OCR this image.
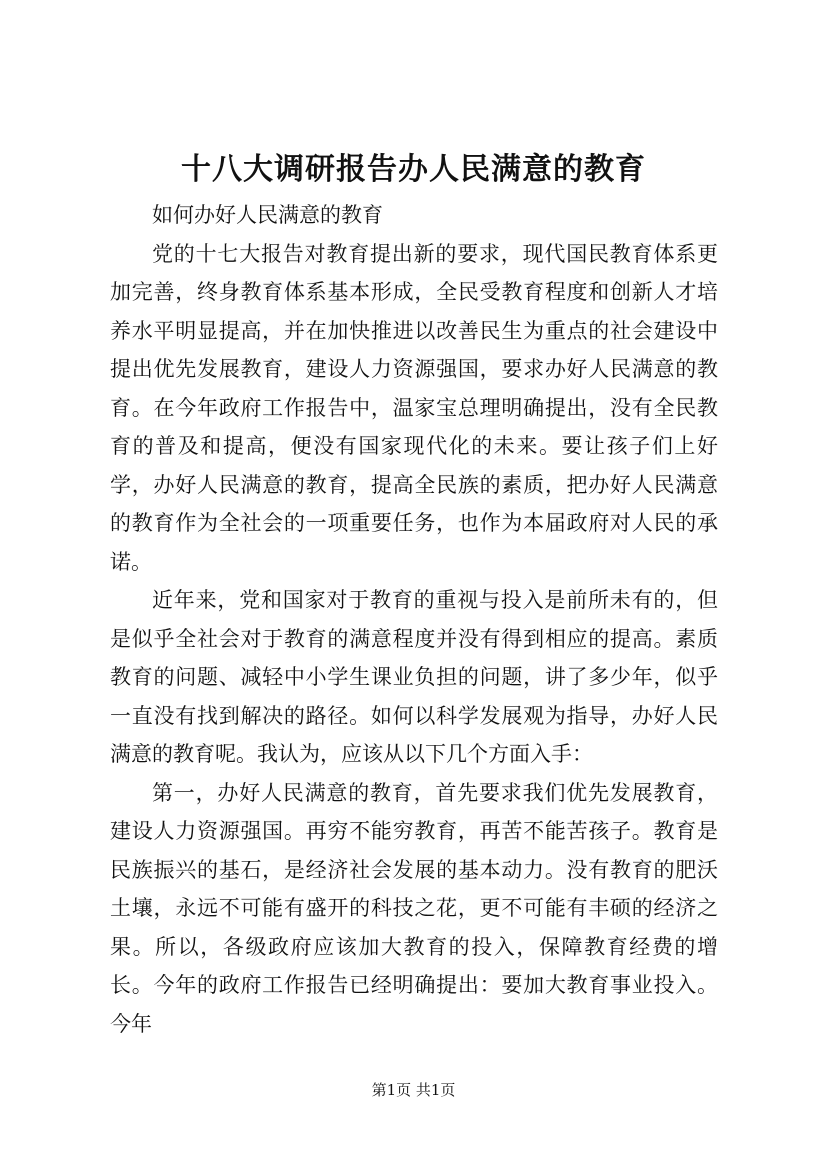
十八大调研报告办人民满意的教育

如何办好人民满意的教育

党的十七大报告对教育提出新的要求，现代国民教育体系更加完善，终身教育体系基本形成，全民受教育程度和创新人才培养水平明显提高，并在加快推进以改善民生为重点的社会建设中提出优先发展教育，建设人力资源强国，要求办好人民满意的教育。在今年政府工作报告中，温家宝总理明确提出，没有全民教育的普及和提高，便没有国家现代化的未来。要让孩子们上好学，办好人民满意的教育，提高全民族的素质，把办好人民满意的教育作为全社会的一项重要任务，也作为本届政府对人民的承诺。

近年来，党和国家对于教育的重视与投入是前所未有的，但是似乎全社会对于教育的满意程度并没有得到相应的提高。素质教育的问题、减轻中小学生课业负担的问题，讲了多少年，似乎一直没有找到解决的路径。如何以科学发展观为指导，办好人民满意的教育呢。我认为，应该从以下几个方面入手：

第一，办好人民满意的教育，首先要求我们优先发展教育，建设人力资源强国。再穷不能穷教育，再苦不能苦孩子。教育是民族振兴的基石，是经济社会发展的基本动力。没有教育的肥沃土壤，永远不可能有盛开的科技之花，更不可能有丰硕的经济之果。所以，各级政府应该加大教育的投入，保障教育经费的增长。今年的政府工作报告已经明确提出：要加大教育事业投入。今年

第1页 共1页
